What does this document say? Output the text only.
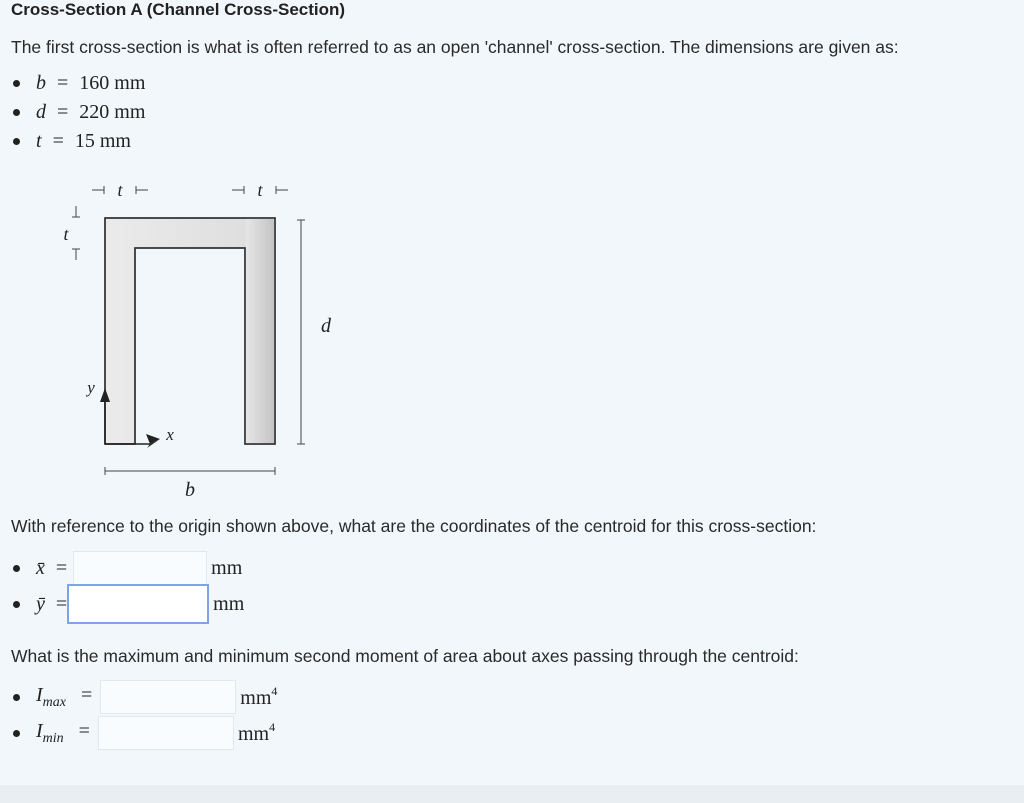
Cross-Section A (Channel Cross-Section)
The first cross-section is what is often referred to as an open 'channel' cross-section. The dimensions are given as:
b = 160 mm
d = 220 mm
t = 15 mm
t	t
t
d
b
y
x
With reference to the origin shown above, what are the coordinates of the centroid for this cross-section:
x̄ =	mm
ȳ =	mm
What is the maximum and minimum second moment of area about axes passing through the centroid:
$I_{max}$ =	$mm^4$
$I_{min}$ =	$mm^4$
